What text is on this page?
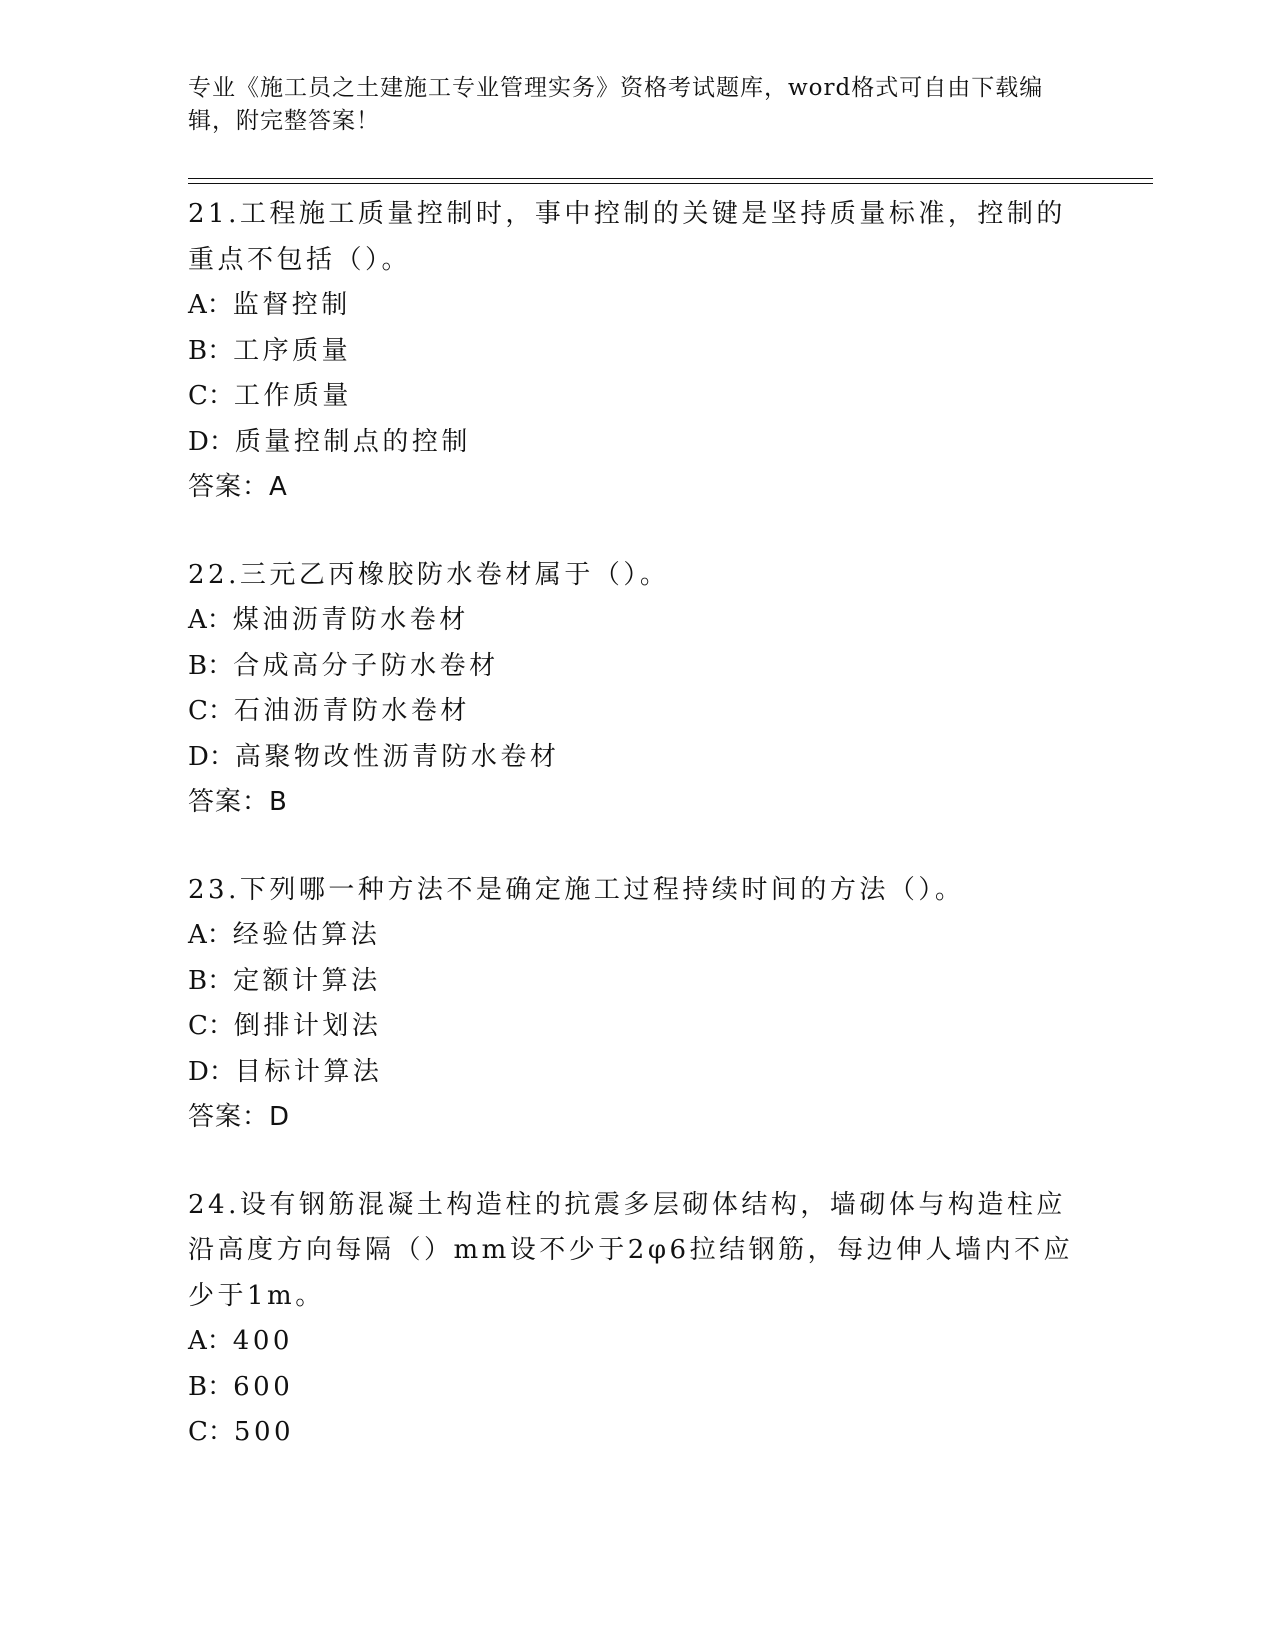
专业《施工员之土建施工专业管理实务》资格考试题库，word格式可自由下载编辑，附完整答案！
21.工程施工质量控制时，事中控制的关键是坚持质量标准，控制的重点不包括（）。
A：监督控制
B：工序质量
C：工作质量
D：质量控制点的控制
答案：A
22.三元乙丙橡胶防水卷材属于（）。
A：煤油沥青防水卷材
B：合成高分子防水卷材
C：石油沥青防水卷材
D：高聚物改性沥青防水卷材
答案：B
23.下列哪一种方法不是确定施工过程持续时间的方法（）。
A：经验估算法
B：定额计算法
C：倒排计划法
D：目标计算法
答案：D
24.设有钢筋混凝土构造柱的抗震多层砌体结构，墙砌体与构造柱应沿高度方向每隔（）mm设不少于2φ6拉结钢筋，每边伸人墙内不应少于1m。
A：400
B：600
C：500
